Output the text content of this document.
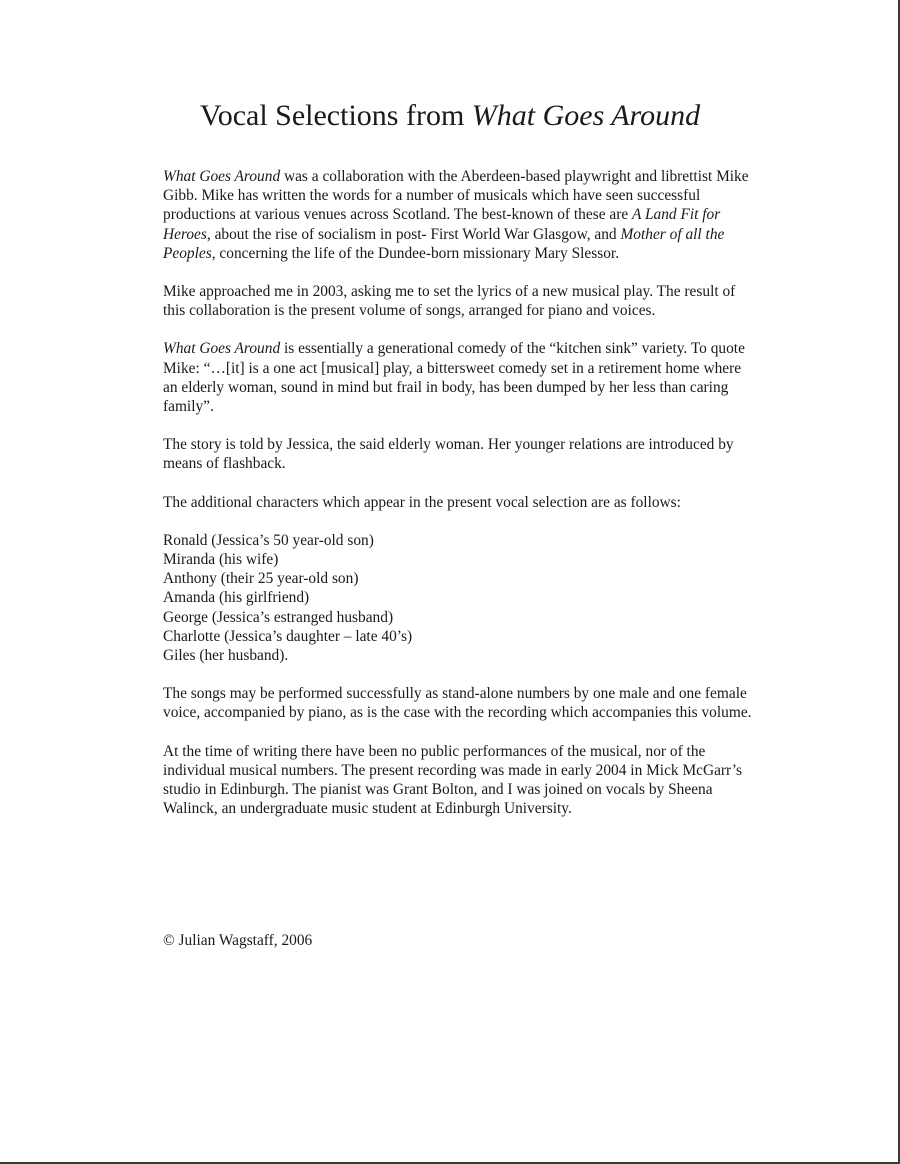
Vocal Selections from What Goes Around

What Goes Around was a collaboration with the Aberdeen-based playwright and librettist Mike Gibb. Mike has written the words for a number of musicals which have seen successful productions at various venues across Scotland. The best-known of these are A Land Fit for Heroes, about the rise of socialism in post- First World War Glasgow, and Mother of all the Peoples, concerning the life of the Dundee-born missionary Mary Slessor.

Mike approached me in 2003, asking me to set the lyrics of a new musical play. The result of this collaboration is the present volume of songs, arranged for piano and voices.

What Goes Around is essentially a generational comedy of the “kitchen sink” variety. To quote Mike: “…[it] is a one act [musical] play, a bittersweet comedy set in a retirement home where an elderly woman, sound in mind but frail in body, has been dumped by her less than caring family”.

The story is told by Jessica, the said elderly woman. Her younger relations are introduced by means of flashback.

The additional characters which appear in the present vocal selection are as follows:

Ronald (Jessica’s 50 year-old son)
Miranda (his wife)
Anthony (their 25 year-old son)
Amanda (his girlfriend)
George (Jessica’s estranged husband)
Charlotte (Jessica’s daughter – late 40’s)
Giles (her husband).

The songs may be performed successfully as stand-alone numbers by one male and one female voice, accompanied by piano, as is the case with the recording which accompanies this volume.

At the time of writing there have been no public performances of the musical, nor of the individual musical numbers. The present recording was made in early 2004 in Mick McGarr’s studio in Edinburgh. The pianist was Grant Bolton, and I was joined on vocals by Sheena Walinck, an undergraduate music student at Edinburgh University.

© Julian Wagstaff, 2006
